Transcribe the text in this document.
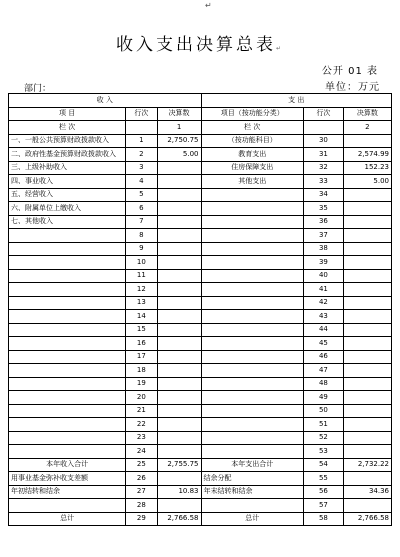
↵
收入支出决算总表↵
公开 01 表
单位：万元
部门：
收 入			支 出		
项 目	行次	决算数	项目（按功能分类）	行次	决算数
栏 次		1	栏 次		2
一、一般公共预算财政拨款收入	1	2,750.75	（按功能科目）	30	
二、政府性基金预算财政拨款收入	2	5.00	教育支出	31	2,574.99
三、上级补助收入	3		住房保障支出	32	152.23
四、事业收入	4		其他支出	33	5.00
五、经营收入	5			34	
六、附属单位上缴收入	6			35	
七、其他收入	7			36	
	8			37	
	9			38	
	10			39	
	11			40	
	12			41	
	13			42	
	14			43	
	15			44	
	16			45	
	17			46	
	18			47	
	19			48	
	20			49	
	21			50	
	22			51	
	23			52	
	24			53	
本年收入合计	25	2,755.75	本年支出合计	54	2,732.22
用事业基金弥补收支差额	26		结余分配	55	
年初结转和结余	27	10.83	年末结转和结余	56	34.36
	28			57	
总计	29	2,766.58	总计	58	2,766.58
